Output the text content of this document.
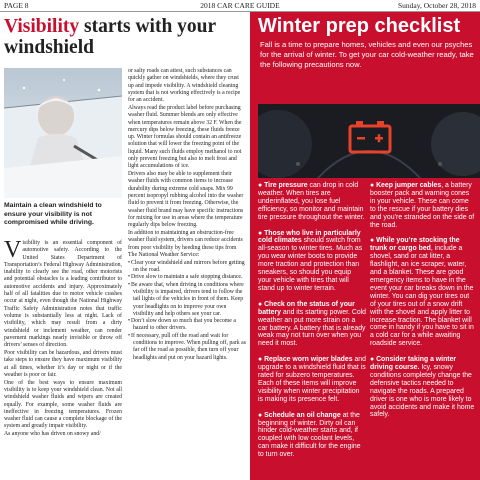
PAGE 8	2018 CAR CARE GUIDE	Sunday, October 28, 2018
Visibility starts with your windshield
Maintain a clean windshield to ensure your visibility is not compromised while driving.

Visibility is an essential component of automotive safety. According to the United States Department of Transportation’s Federal Highway Administration, inability to clearly see the road, other motorists and potential obstacles is a leading contributor to automotive accidents and injury. Approximately half of all fatalities due to motor vehicle crashes occur at night, even though the National Highway Traffic Safety Administration notes that traffic volume is substantially less at night. Lack of visibility, which may result from a dirty windshield or inclement weather, can render pavement markings nearly invisible or throw off drivers’ senses of direction.

Poor visibility can be hazardous, and drivers must take steps to ensure they have maximum visibility at all times, whether it’s day or night or if the weather is poor or fair.

One of the best ways to ensure maximum visibility is to keep your windshield clean. Not all windshield washer fluids and wipers are created equally. For example, some washer fluids are ineffective in freezing temperatures. Frozen washer fluid can cause a complete blockage of the system and greatly impair visibility.

As anyone who has driven on snowy and/

or salty roads can attest, such substances can quickly gather on windshields, where they crust up and impede visibility. A windshield cleaning system that is not working effectively is a recipe for an accident.

Always read the product label before purchasing washer fluid. Summer blends are only effective when temperatures remain above 32 F. When the mercury dips below freezing, these fluids freeze up. Winter formulas should contain an antifreeze solution that will lower the freezing point of the liquid. Many such fluids employ methanol to not only prevent freezing but also to melt frost and light accumulations of ice.

Drivers also may be able to supplement their washer fluids with common items to increase durability during extreme cold snaps. Mix 99 percent isopropyl rubbing alcohol into the washer fluid to prevent it from freezing. Otherwise, the washer fluid brand may have specific instructions for mixing for use in areas where the temperature regularly dips below freezing.

In addition to maintaining an obstruction-free washer fluid system, drivers can reduce accidents from poor visibility by heeding these tips from The National Weather Service:

• Clear your windshield and mirrors before getting on the road.
• Drive slow to maintain a safe stopping distance.
• Be aware that, when driving in conditions where visibility is impaired, drivers tend to follow the tail lights of the vehicles in front of them. Keep your headlights on to improve your own visibility and help others see your car.
• Don’t slow down so much that you become a hazard to other drivers.
• If necessary, pull off the road and wait for conditions to improve. When pulling off, park as far off the road as possible, then turn off your headlights and put on your hazard lights.
Winter prep checklist
Fall is a time to prepare homes, vehicles and even our psyches for the arrival of winter. To get your car cold-weather ready, take the following precautions now.
● Tire pressure can drop in cold weather. When tires are underinflated, you lose fuel efficiency, so monitor and maintain tire pressure throughout the winter.
● Those who live in particularly cold climates should switch from all-season to winter tires. Much as you wear winter boots to provide more traction and protection than sneakers, so should you equip your vehicle with tires that will stand up to winter terrain.
● Check on the status of your battery and its starting power. Cold weather an put more strain on a car battery. A battery that is already weak may not turn over when you need it most.
● Replace worn wiper blades and upgrade to a windshield fluid that is rated for subzero temperatures. Each of these items will improve visibility when winter precipitation is making its presence felt.
● Schedule an oil change at the beginning of winter. Dirty oil can hinder cold-weather starts and, if coupled with low coolant levels, can make it difficult for the engine to turn over.
● Keep jumper cables, a battery booster pack and warning cones in your vehicle. These can come to the rescue if your battery dies and you’re stranded on the side of the road.
● While you’re stocking the trunk or cargo bed, include a shovel, sand or cat litter, a flashlight, an ice scraper, water, and a blanket. These are good emergency items to have in the event your car breaks down in the winter. You can dig your tires out of your tires out of a snow drift with the shovel and apply litter to increase traction. The blanket will come in handy if you have to sit in a cold car for a while awaiting roadside service.
● Consider taking a winter driving course. Icy, snowy conditions completely change the defensive tactics needed to navigate the roads. A prepared driver is one who is more likely to avoid accidents and make it home safely.
